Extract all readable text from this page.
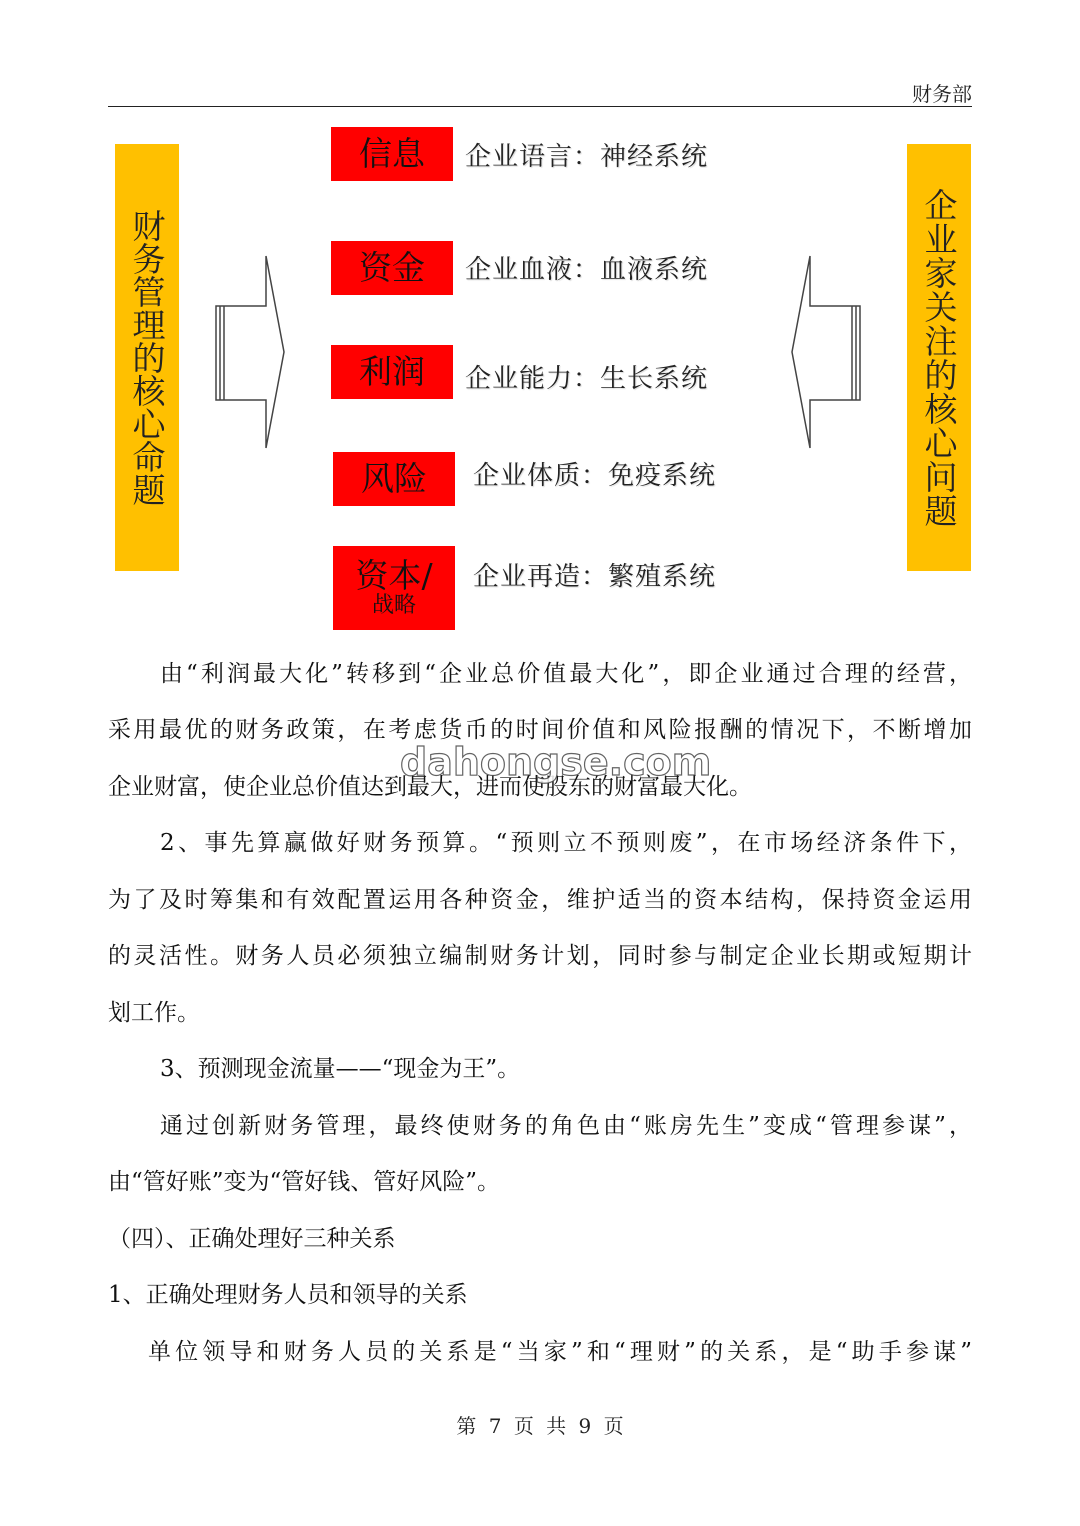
财务部
财务管理的核心命题	企业家关注的核心问题
信息 企业语言：神经系统
资金 企业血液：血液系统
利润 企业能力：生长系统
风险 企业体质：免疫系统
资本/
战略
企业再造：繁殖系统
由“利润最大化”转移到“企业总价值最大化”，即企业通过合理的经营，
采用最优的财务政策，在考虑货币的时间价值和风险报酬的情况下，不断增加
企业财富，使企业总价值达到最大，进而使股东的财富最大化。
2、事先算赢做好财务预算。“预则立不预则废”，在市场经济条件下，
为了及时筹集和有效配置运用各种资金，维护适当的资本结构，保持资金运用
的灵活性。财务人员必须独立编制财务计划，同时参与制定企业长期或短期计
划工作。
3、预测现金流量——“现金为王”。
通过创新财务管理，最终使财务的角色由“账房先生”变成“管理参谋”，
由“管好账”变为“管好钱、管好风险”。
（四）、正确处理好三种关系
1、正确处理财务人员和领导的关系
单位领导和财务人员的关系是“当家”和“理财”的关系，是“助手参谋”
dahongse.com
第 7 页 共 9 页
